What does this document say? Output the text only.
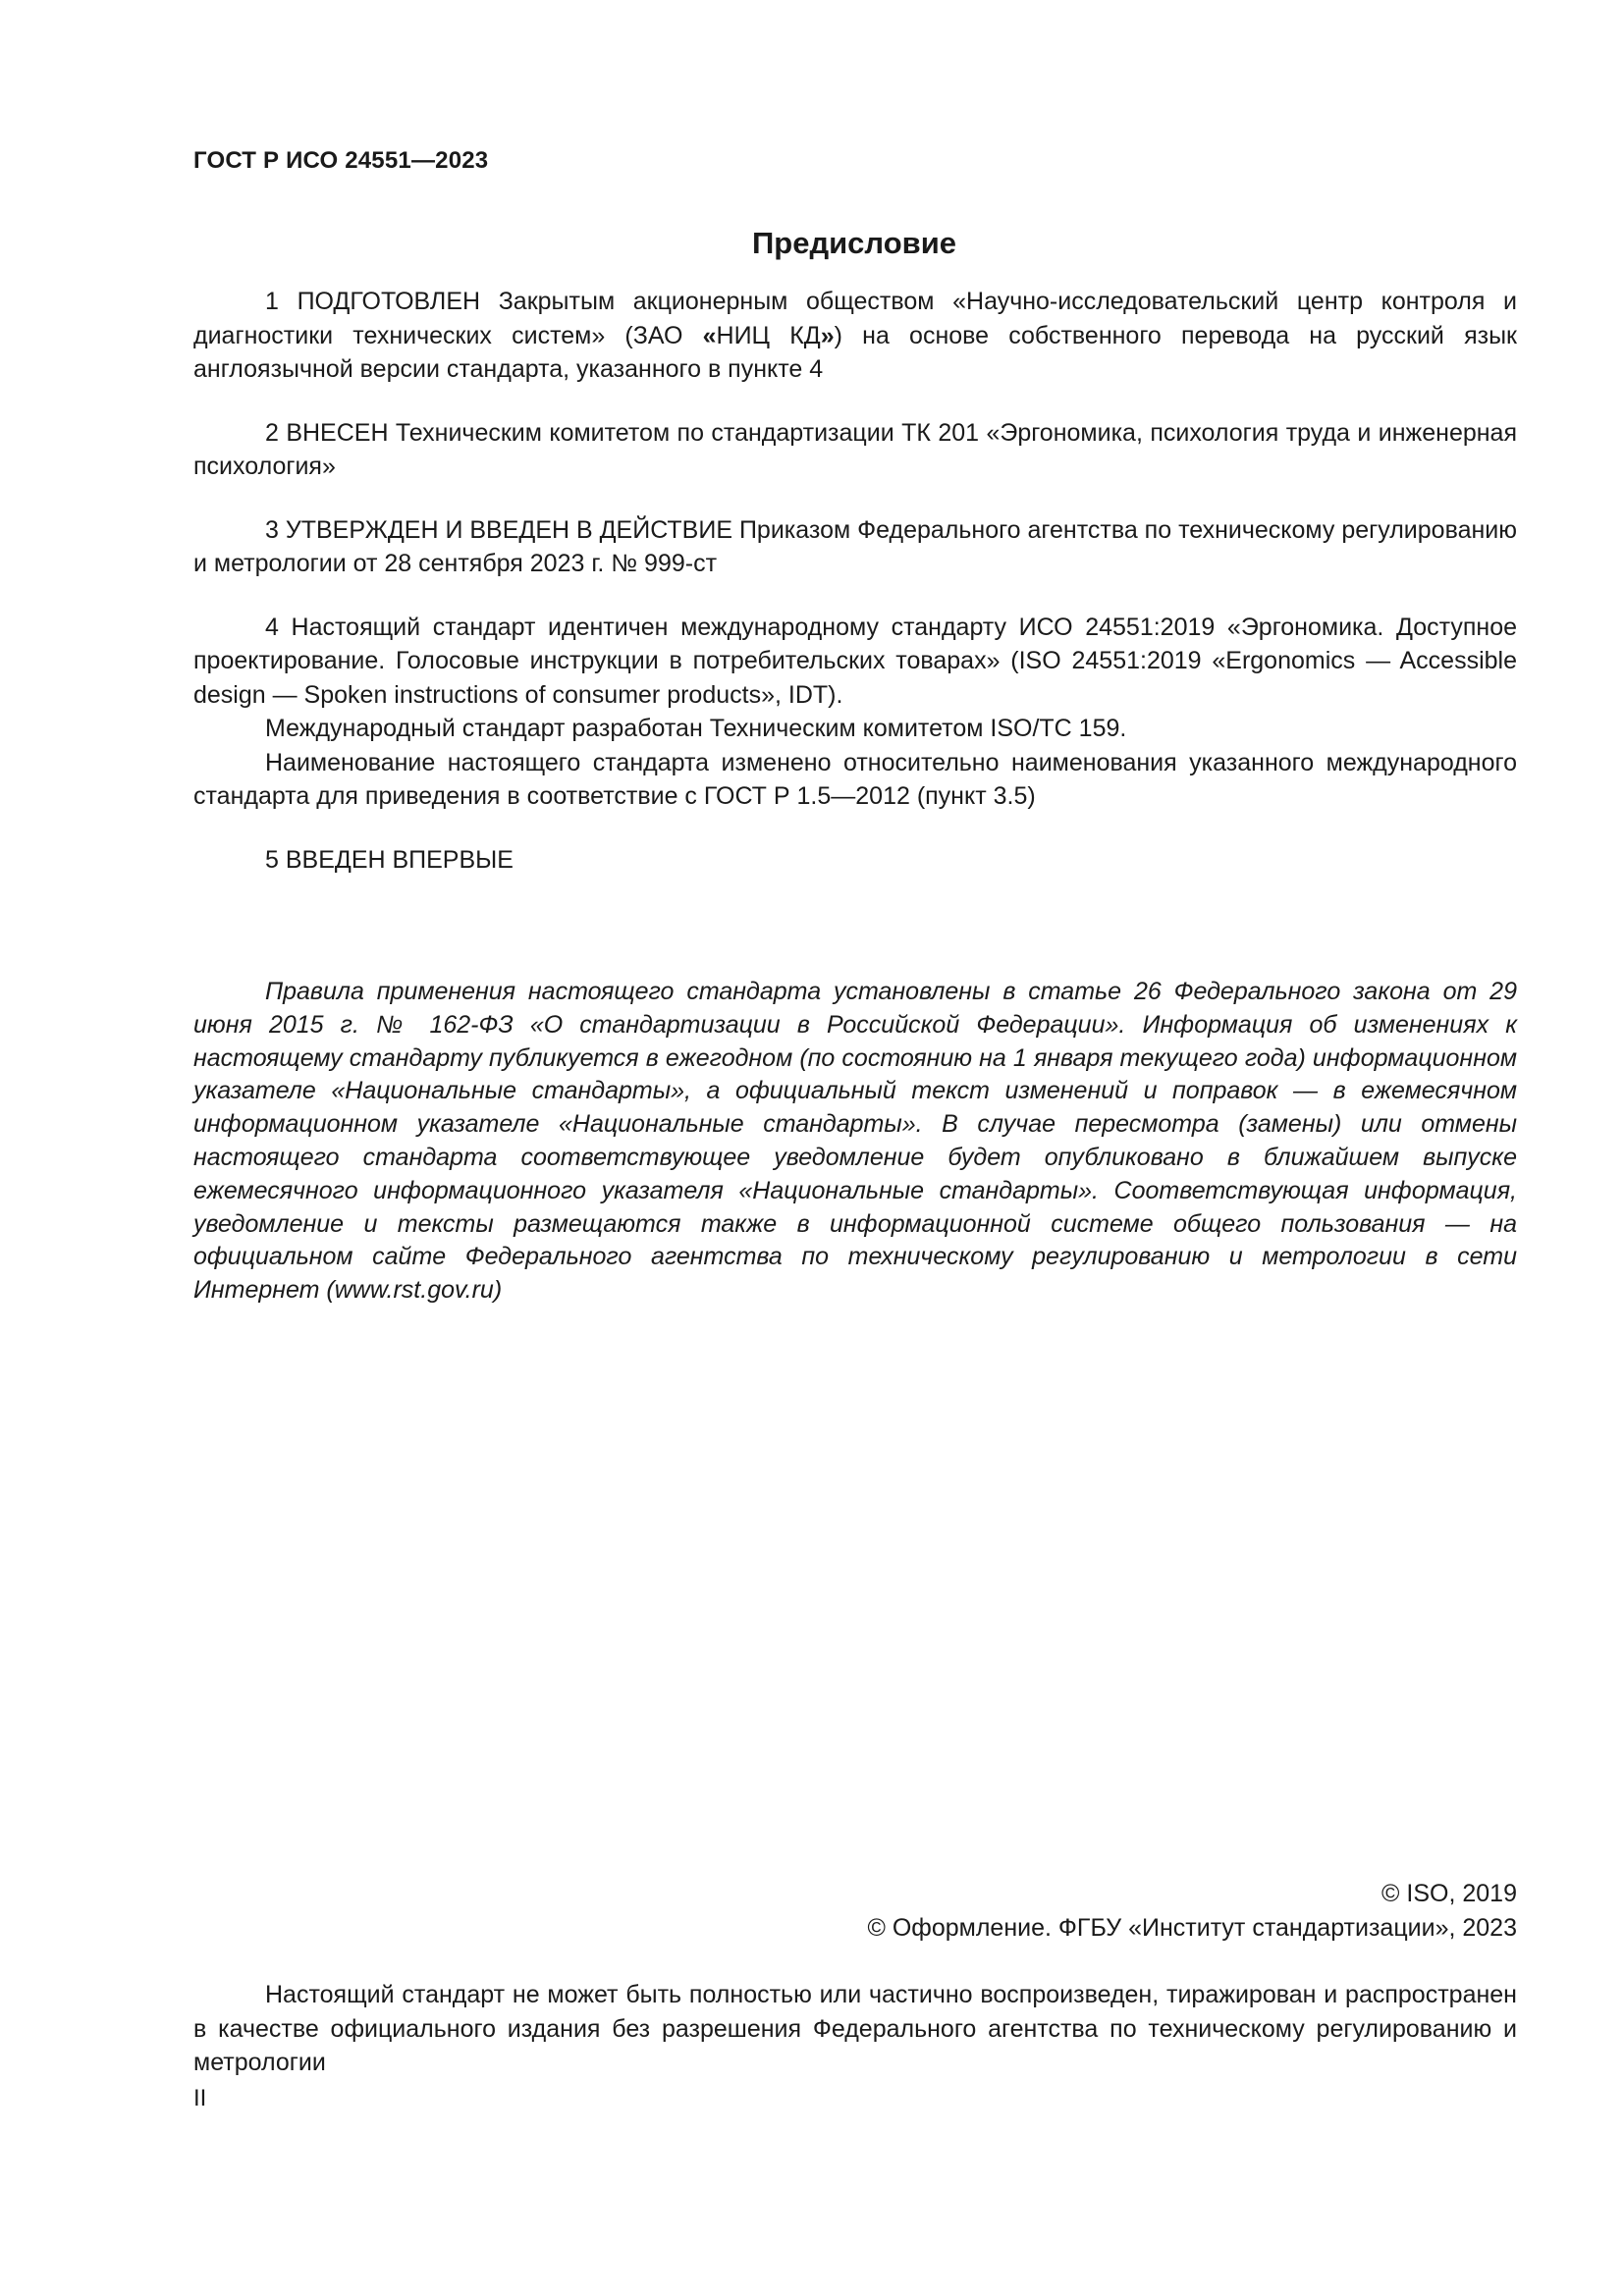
ГОСТ Р ИСО 24551—2023
Предисловие

1 ПОДГОТОВЛЕН Закрытым акционерным обществом «Научно-исследовательский центр контроля и диагностики технических систем» (ЗАО «НИЦ КД») на основе собственного перевода на русский язык англоязычной версии стандарта, указанного в пункте 4

2 ВНЕСЕН Техническим комитетом по стандартизации ТК 201 «Эргономика, психология труда и инженерная психология»

3 УТВЕРЖДЕН И ВВЕДЕН В ДЕЙСТВИЕ Приказом Федерального агентства по техническому регулированию и метрологии от 28 сентября 2023 г. № 999-ст

4 Настоящий стандарт идентичен международному стандарту ИСО 24551:2019 «Эргономика. Доступное проектирование. Голосовые инструкции в потребительских товарах» (ISO 24551:2019 «Ergonomics — Accessible design — Spoken instructions of consumer products», IDT).

Международный стандарт разработан Техническим комитетом ISO/TC 159.

Наименование настоящего стандарта изменено относительно наименования указанного международного стандарта для приведения в соответствие с ГОСТ Р 1.5—2012 (пункт 3.5)

5 ВВЕДЕН ВПЕРВЫЕ

Правила применения настоящего стандарта установлены в статье 26 Федерального закона от 29 июня 2015 г. № 162-ФЗ «О стандартизации в Российской Федерации». Информация об изменениях к настоящему стандарту публикуется в ежегодном (по состоянию на 1 января текущего года) информационном указателе «Национальные стандарты», а официальный текст изменений и поправок — в ежемесячном информационном указателе «Национальные стандарты». В случае пересмотра (замены) или отмены настоящего стандарта соответствующее уведомление будет опубликовано в ближайшем выпуске ежемесячного информационного указателя «Национальные стандарты». Соответствующая информация, уведомление и тексты размещаются также в информационной системе общего пользования — на официальном сайте Федерального агентства по техническому регулированию и метрологии в сети Интернет (www.rst.gov.ru)

© ISO, 2019
© Оформление. ФГБУ «Институт стандартизации», 2023

Настоящий стандарт не может быть полностью или частично воспроизведен, тиражирован и распространен в качестве официального издания без разрешения Федерального агентства по техническому регулированию и метрологии

II
